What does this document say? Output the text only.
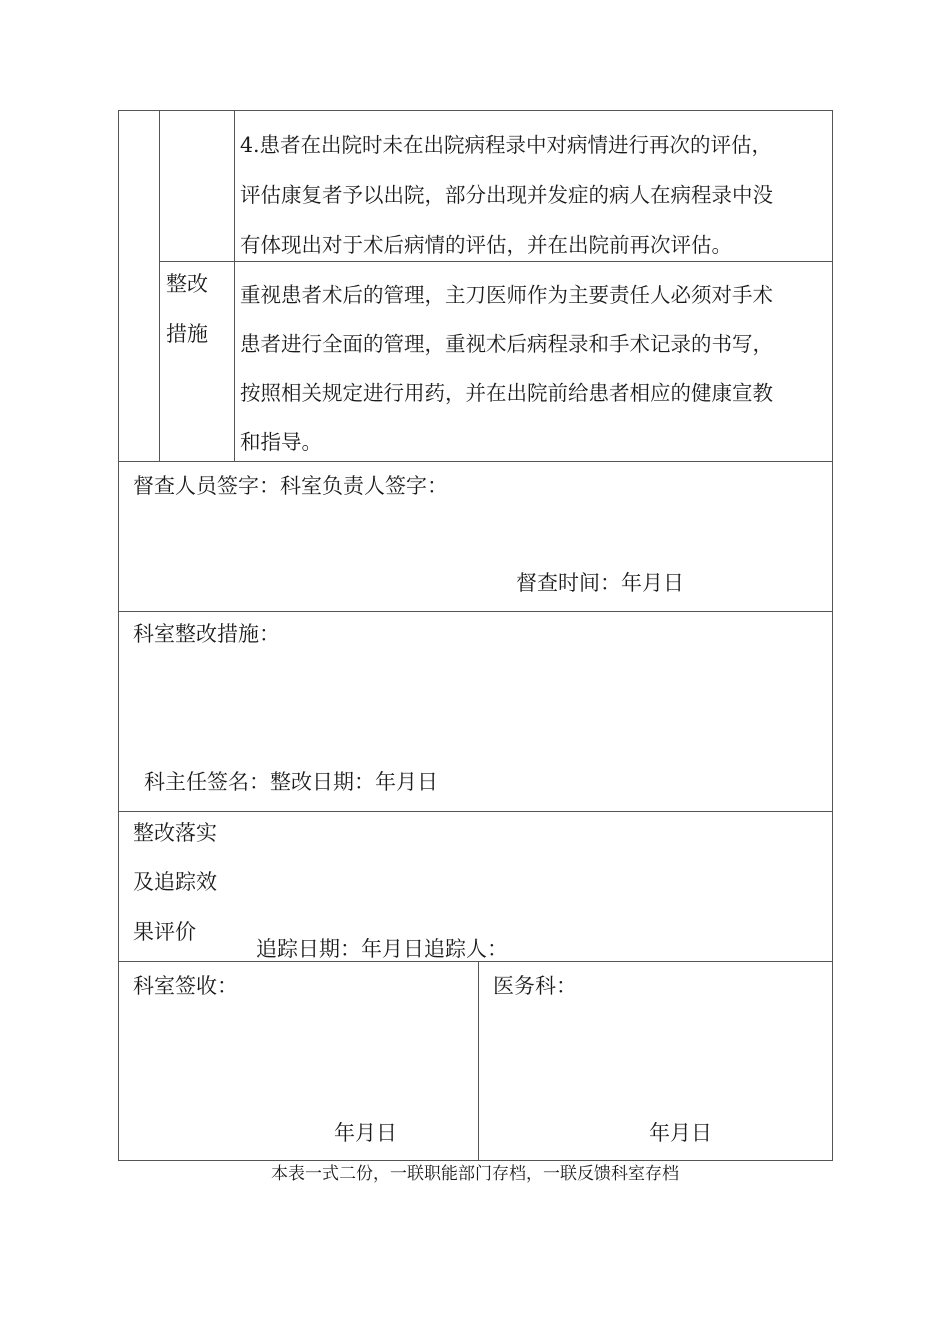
4.患者在出院时未在出院病程录中对病情进行再次的评估，
评估康复者予以出院，部分出现并发症的病人在病程录中没
有体现出对于术后病情的评估，并在出院前再次评估。
整改
措施
重视患者术后的管理，主刀医师作为主要责任人必须对手术
患者进行全面的管理，重视术后病程录和手术记录的书写，
按照相关规定进行用药，并在出院前给患者相应的健康宣教
和指导。
督查人员签字：科室负责人签字：
督查时间：年月日
科室整改措施：
科主任签名：整改日期：年月日
整改落实
及追踪效
果评价
追踪日期：年月日追踪人：
科室签收：
年月日
医务科：
年月日
本表一式二份，一联职能部门存档，一联反馈科室存档
